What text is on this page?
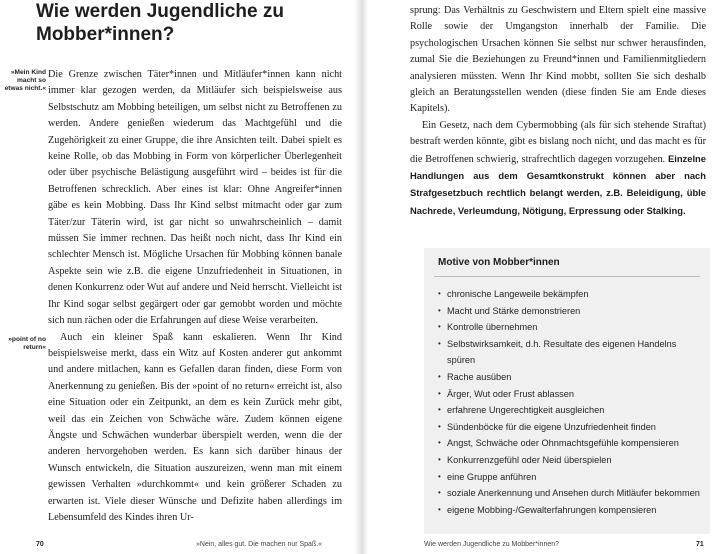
Wie werden Jugendliche zu
Mobber*innen?
»Mein Kind
macht so
etwas nicht.«
»point of no
return«

Die Grenze zwischen Täter*innen und Mitläufer*innen kann nicht immer klar gezogen werden, da Mitläufer sich beispielsweise aus Selbstschutz am Mobbing beteiligen, um selbst nicht zu Betroffenen zu werden. Andere genießen wiederum das Machtgefühl und die Zugehörigkeit zu einer Gruppe, die ihre Ansichten teilt. Dabei spielt es keine Rolle, ob das Mobbing in Form von körperlicher Überlegenheit oder über psychische Belästigung ausgeführt wird – beides ist für die Betroffenen schrecklich. Aber eines ist klar: Ohne Angreifer*innen gäbe es kein Mobbing. Dass Ihr Kind selbst mitmacht oder gar zum Täter/zur Täterin wird, ist gar nicht so unwahrscheinlich – damit müssen Sie immer rechnen. Das heißt noch nicht, dass Ihr Kind ein schlechter Mensch ist. Mögliche Ursachen für Mobbing können banale Aspekte sein wie z.B. die eigene Unzufriedenheit in Situationen, in denen Konkurrenz oder Wut auf andere und Neid herrscht. Vielleicht ist Ihr Kind sogar selbst gegärgert oder gar gemobbt worden und möchte sich nun rächen oder die Erfahrungen auf diese Weise verarbeiten.

Auch ein kleiner Spaß kann eskalieren. Wenn Ihr Kind beispielsweise merkt, dass ein Witz auf Kosten anderer gut ankommt und andere mitlachen, kann es Gefallen daran finden, diese Form von Anerkennung zu genießen. Bis der »point of no return« erreicht ist, also eine Situation oder ein Zeitpunkt, an dem es kein Zurück mehr gibt, weil das ein Zeichen von Schwäche wäre. Zudem können eigene Ängste und Schwächen wunderbar überspielt werden, wenn die der anderen hervorgehoben werden. Es kann sich darüber hinaus der Wunsch entwickeln, die Situation auszureizen, wenn man mit einem gewissen Verhalten »durchkommt« und kein größerer Schaden zu erwarten ist. Viele dieser Wünsche und Defizite haben allerdings im Lebensumfeld des Kindes ihren Ur-

70	»Nein, alles gut. Die machen nur Spaß.«

sprung: Das Verhältnis zu Geschwistern und Eltern spielt eine massive Rolle sowie der Umgangston innerhalb der Familie. Die psychologischen Ursachen können Sie selbst nur schwer herausfinden, zumal Sie die Beziehungen zu Freund*innen und Familienmitgliedern analysieren müssten. Wenn Ihr Kind mobbt, sollten Sie sich deshalb gleich an Beratungsstellen wenden (diese finden Sie am Ende dieses Kapitels).

Ein Gesetz, nach dem Cybermobbing (als für sich stehende Straftat) bestraft werden könnte, gibt es bislang noch nicht, und das macht es für die Betroffenen schwierig, strafrechtlich dagegen vorzugehen. Einzelne Handlungen aus dem Gesamtkonstrukt können aber nach Strafgesetzbuch rechtlich belangt werden, z.B. Beleidigung, üble Nachrede, Verleumdung, Nötigung, Erpressung oder Stalking.

Motive von Mobber*innen
• chronische Langeweile bekämpfen
• Macht und Stärke demonstrieren
• Kontrolle übernehmen
• Selbstwirksamkeit, d.h. Resultate des eigenen Handelns spüren
• Rache ausüben
• Ärger, Wut oder Frust ablassen
• erfahrene Ungerechtigkeit ausgleichen
• Sündenböcke für die eigene Unzufriedenheit finden
• Angst, Schwäche oder Ohnmachtsgefühle kompensieren
• Konkurrenzgefühl oder Neid überspielen
• eine Gruppe anführen
• soziale Anerkennung und Ansehen durch Mitläufer bekommen
• eigene Mobbing-/Gewalterfahrungen kompensieren
Wie werden Jugendliche zu Mobber*innen?	71
